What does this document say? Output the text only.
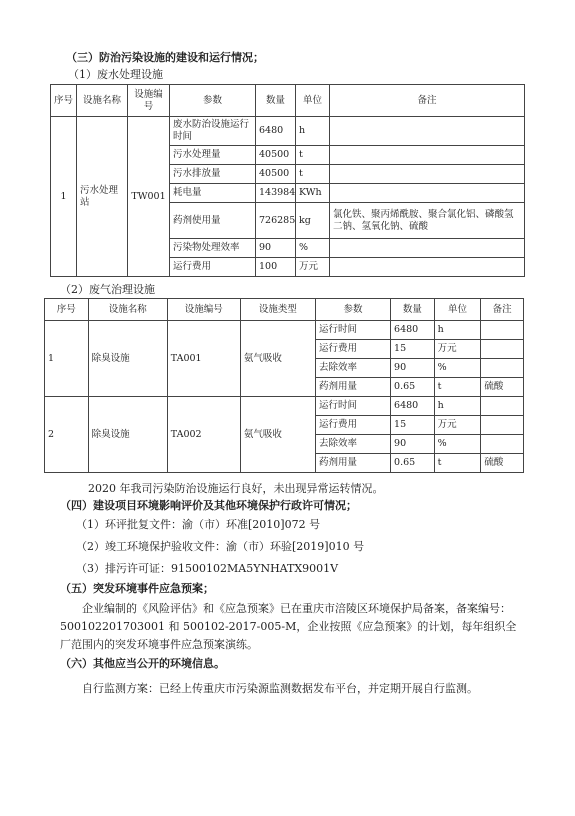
（三）防治污染设施的建设和运行情况；
（1）废水处理设施
序号	设施名称	设施编号	参数	数量	单位	备注
1	污水处理站	TW001	废水防治设施运行时间	6480	h	
			污水处理量	40500	t	
			污水排放量	40500	t	
			耗电量	143984	KWh	
			药剂使用量	726285	kg	氯化铁、聚丙烯酰胺、聚合氯化铝、磷酸氢二钠、氢氧化钠、硫酸
			污染物处理效率	90	%	
			运行费用	100	万元	
（2）废气治理设施
序号	设施名称	设施编号	设施类型	参数	数量	单位	备注
1	除臭设施	TA001	氨气吸收	运行时间	6480	h	
				运行费用	15	万元	
				去除效率	90	%	
				药剂用量	0.65	t	硫酸
2	除臭设施	TA002	氨气吸收	运行时间	6480	h	
				运行费用	15	万元	
				去除效率	90	%	
				药剂用量	0.65	t	硫酸
2020 年我司污染防治设施运行良好，未出现异常运转情况。
（四）建设项目环境影响评价及其他环境保护行政许可情况；
（1）环评批复文件：渝（市）环准[2010]072 号
（2）竣工环境保护验收文件：渝（市）环验[2019]010 号
（3）排污许可证：91500102MA5YNHATX9001V
（五）突发环境事件应急预案；
企业编制的《风险评估》和《应急预案》已在重庆市涪陵区环境保护局备案，备案编号：500102201703001 和 500102-2017-005-M，企业按照《应急预案》的计划，每年组织全厂范围内的突发环境事件应急预案演练。
（六）其他应当公开的环境信息。
自行监测方案：已经上传重庆市污染源监测数据发布平台，并定期开展自行监测。
